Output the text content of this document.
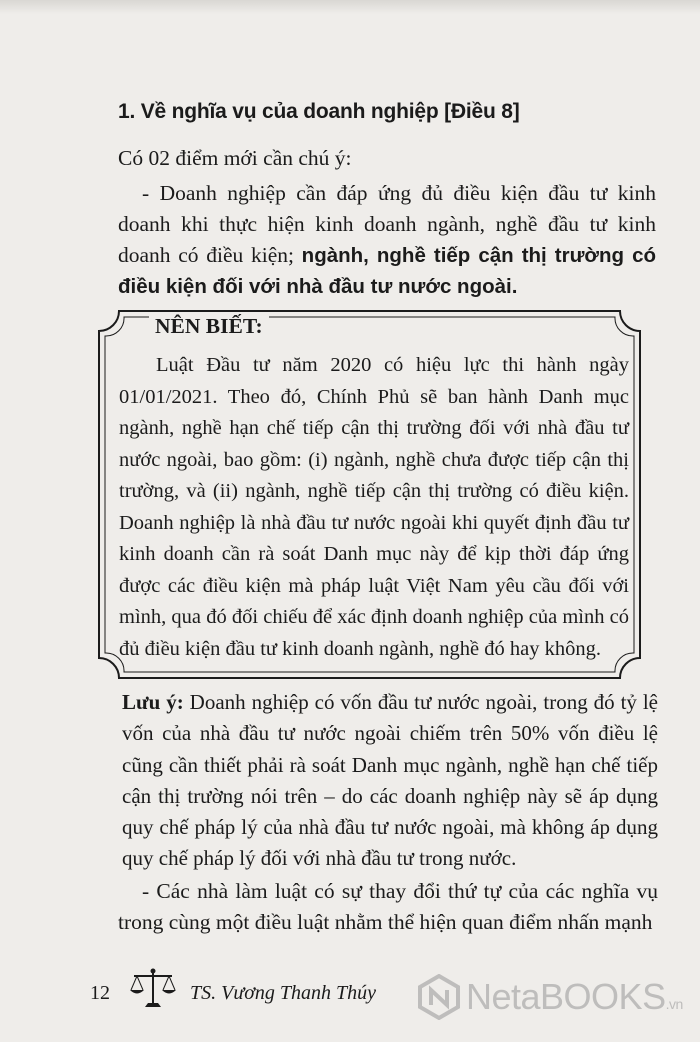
1. Về nghĩa vụ của doanh nghiệp [Điều 8]

Có 02 điểm mới cần chú ý:

- Doanh nghiệp cần đáp ứng đủ điều kiện đầu tư kinh doanh khi thực hiện kinh doanh ngành, nghề đầu tư kinh doanh có điều kiện; ngành, nghề tiếp cận thị trường có điều kiện đối với nhà đầu tư nước ngoài.

NÊN BIẾT:

Luật Đầu tư năm 2020 có hiệu lực thi hành ngày 01/01/2021. Theo đó, Chính Phủ sẽ ban hành Danh mục ngành, nghề hạn chế tiếp cận thị trường đối với nhà đầu tư nước ngoài, bao gồm: (i) ngành, nghề chưa được tiếp cận thị trường, và (ii) ngành, nghề tiếp cận thị trường có điều kiện. Doanh nghiệp là nhà đầu tư nước ngoài khi quyết định đầu tư kinh doanh cần rà soát Danh mục này để kịp thời đáp ứng được các điều kiện mà pháp luật Việt Nam yêu cầu đối với mình, qua đó đối chiếu để xác định doanh nghiệp của mình có đủ điều kiện đầu tư kinh doanh ngành, nghề đó hay không.

Lưu ý: Doanh nghiệp có vốn đầu tư nước ngoài, trong đó tỷ lệ vốn của nhà đầu tư nước ngoài chiếm trên 50% vốn điều lệ cũng cần thiết phải rà soát Danh mục ngành, nghề hạn chế tiếp cận thị trường nói trên – do các doanh nghiệp này sẽ áp dụng quy chế pháp lý của nhà đầu tư nước ngoài, mà không áp dụng quy chế pháp lý đối với nhà đầu tư trong nước.

- Các nhà làm luật có sự thay đổi thứ tự của các nghĩa vụ trong cùng một điều luật nhằm thể hiện quan điểm nhấn mạnh

12	TS. Vương Thanh Thúy NetaBOOKS.vn
